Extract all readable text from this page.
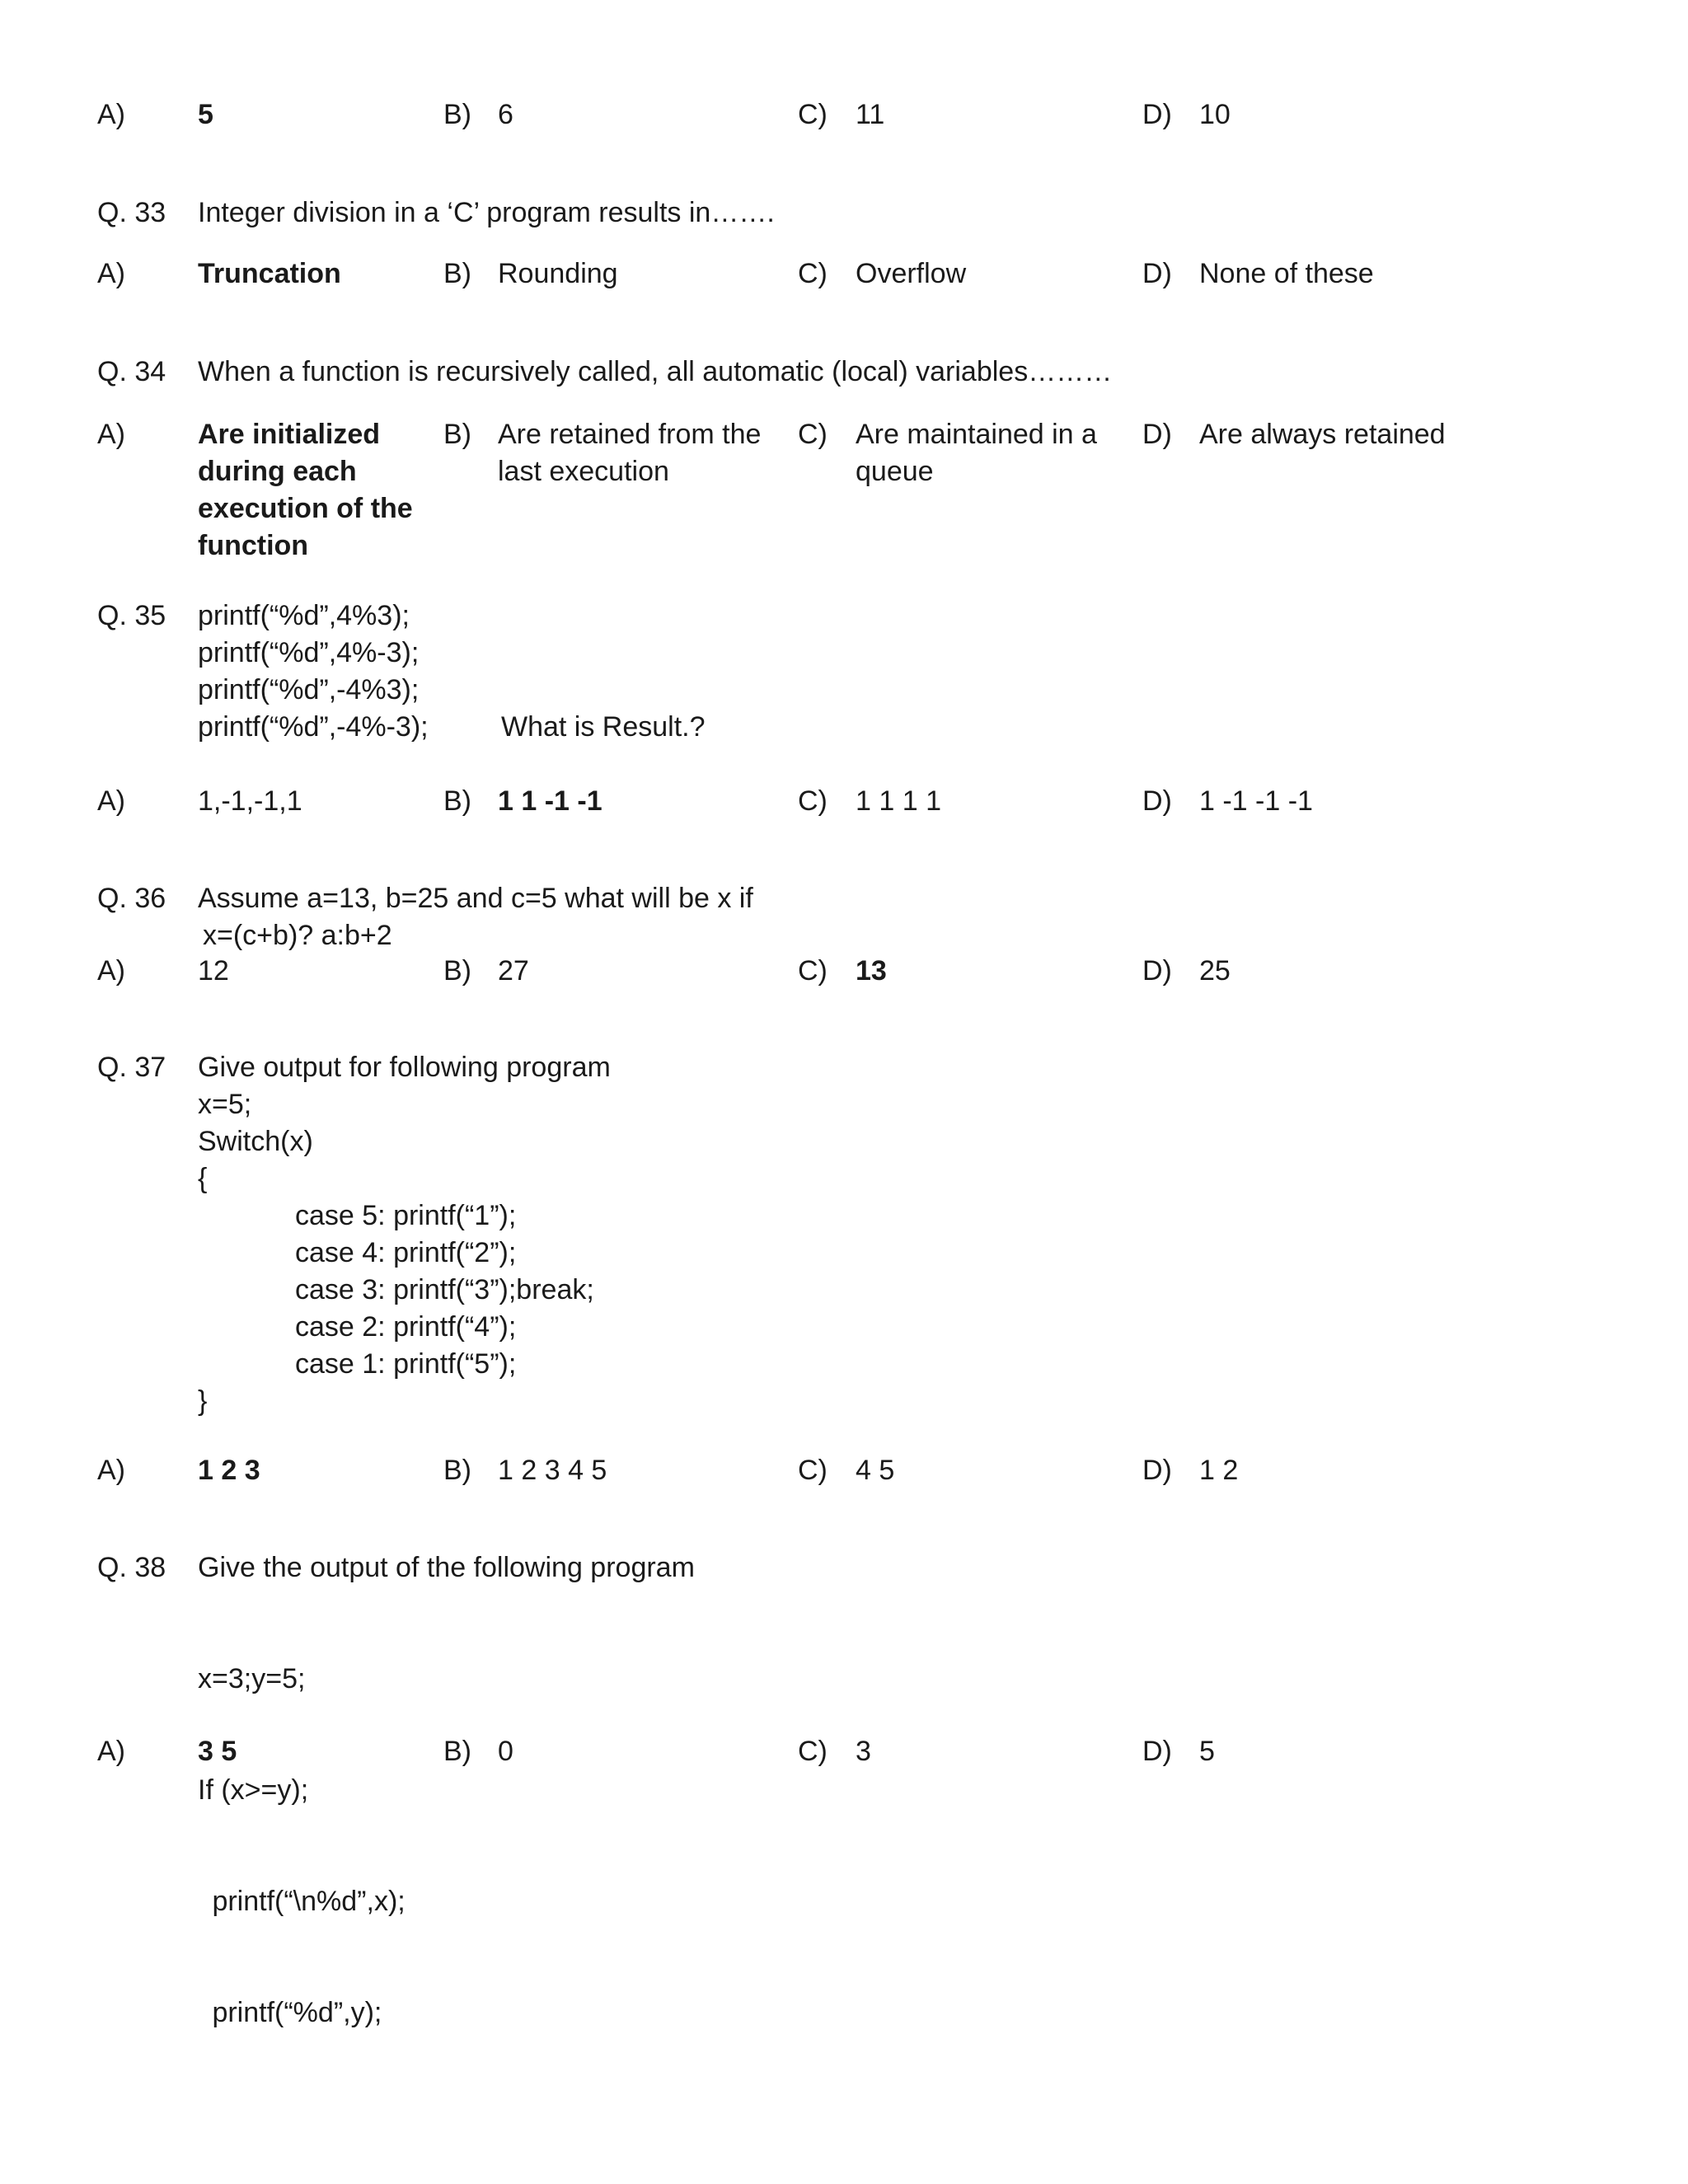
A)	5	B) 6	C) 11	D) 10
Q. 33 Integer division in a ‘C’ program results in…….
A)	Truncation	B) Rounding	C) Overflow	D) None of these
Q. 34 When a function is recursively called, all automatic (local) variables………
A)	Are initialized
during each
execution of the
function
B) Are retained from the
last execution
C) Are maintained in a
queue
D) Are always retained
Q. 35 printf(“%d”,4%3);
printf(“%d”,4%-3);
printf(“%d”,-4%3);
printf(“%d”,-4%-3);	What is Result.?
A)	1,-1,-1,1	B) 1 1 -1 -1	C) 1 1 1 1	D) 1 -1 -1 -1
Q. 36 Assume a=13, b=25 and c=5 what will be x if
x=(c+b)? a:b+2
A)	12	B) 27	C) 13	D) 25
Q. 37 Give output for following program
x=5;
Switch(x)
{
case 5: printf(“1”);
case 4: printf(“2”);
case 3: printf(“3”);break;
case 2: printf(“4”);
case 1: printf(“5”);
}
A)	1 2 3	B) 1 2 3 4 5	C) 4 5	D) 1 2
Q. 38 Give the output of the following program

x=3;y=5;

If (x>=y);

printf(“\n%d”,x);

printf(“%d”,y);

A)	3 5	B) 0	C) 3	D) 5
